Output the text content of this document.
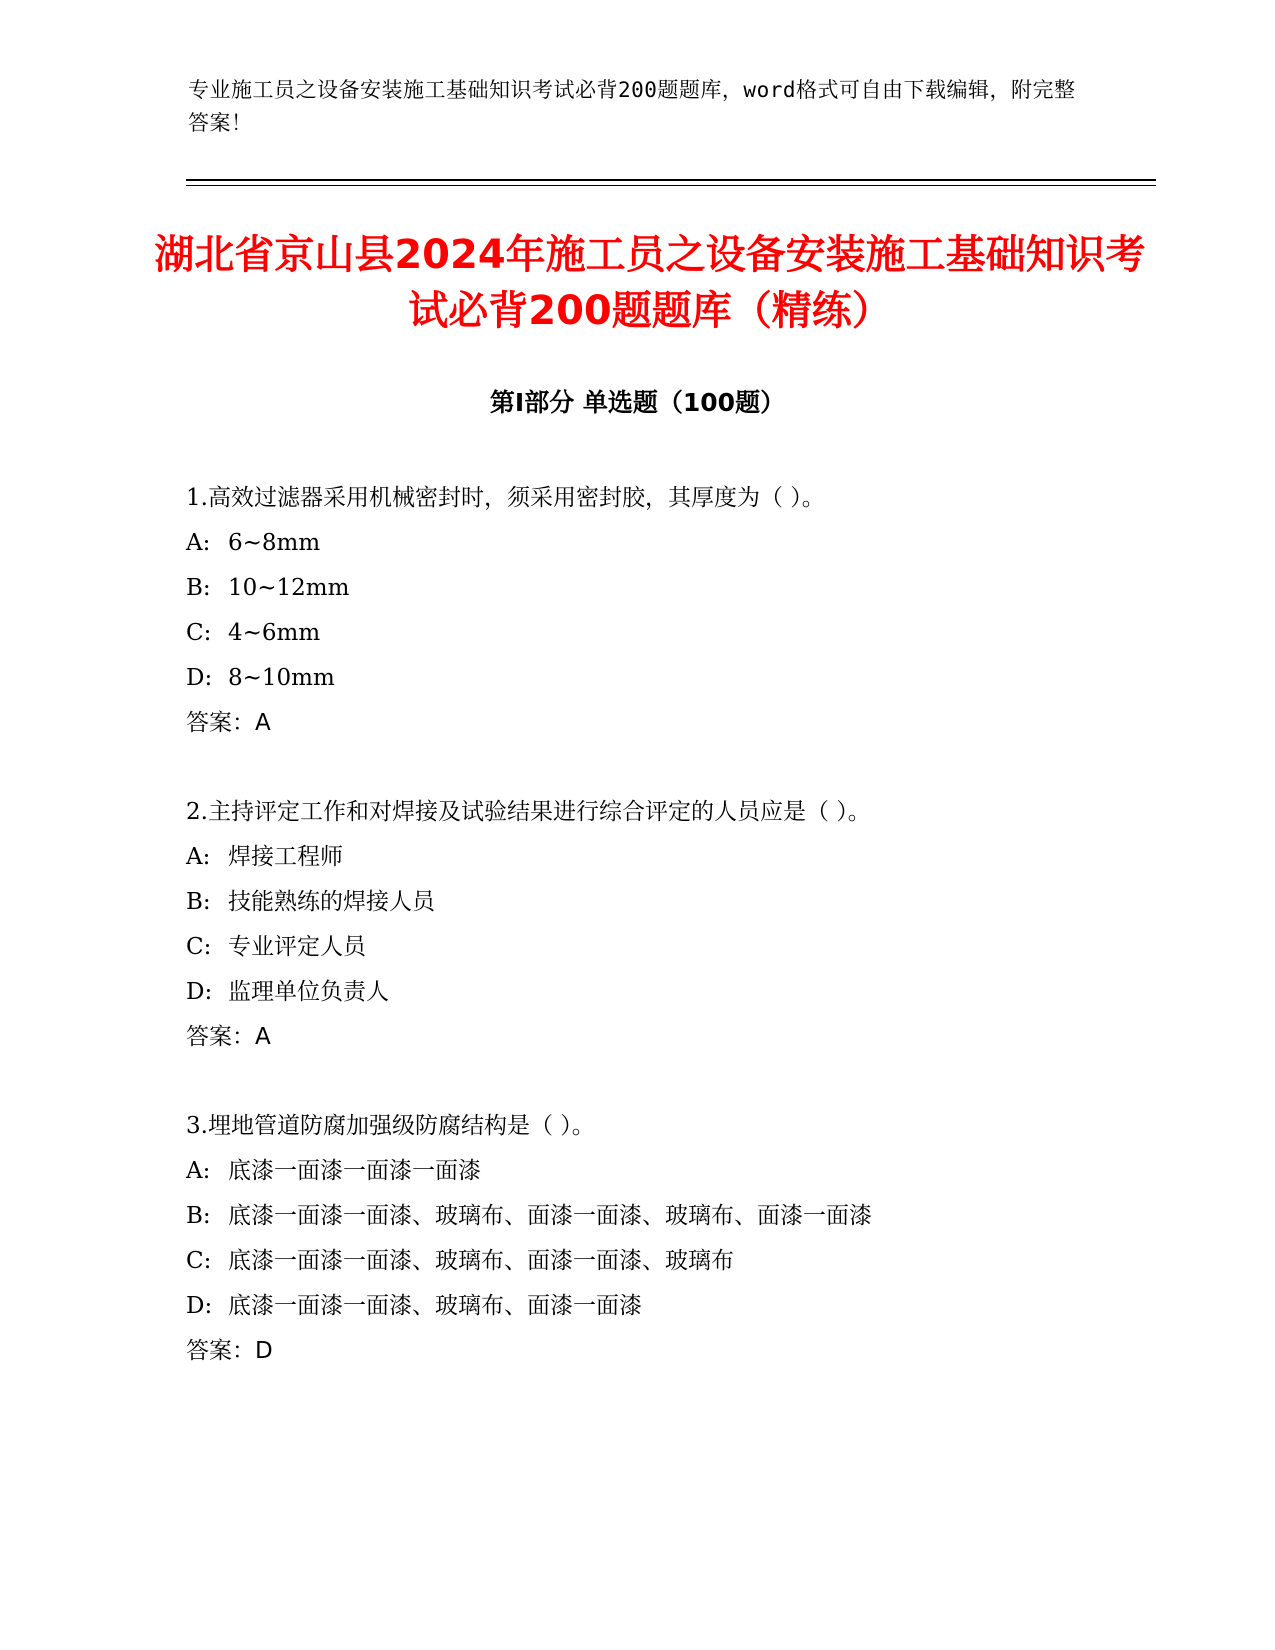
专业施工员之设备安装施工基础知识考试必背200题题库，word格式可自由下载编辑，附完整答案！
湖北省京山县2024年施工员之设备安装施工基础知识考试必背200题题库（精练）
第I部分 单选题（100题）
1.高效过滤器采用机械密封时，须采用密封胶，其厚度为（ ）。
A: 6~8mm
B: 10~12mm
C: 4~6mm
D: 8~10mm
答案：A
2.主持评定工作和对焊接及试验结果进行综合评定的人员应是（ ）。
A: 焊接工程师
B: 技能熟练的焊接人员
C: 专业评定人员
D: 监理单位负责人
答案：A
3.埋地管道防腐加强级防腐结构是（ ）。
A: 底漆一面漆一面漆一面漆
B: 底漆一面漆一面漆、玻璃布、面漆一面漆、玻璃布、面漆一面漆
C: 底漆一面漆一面漆、玻璃布、面漆一面漆、玻璃布
D: 底漆一面漆一面漆、玻璃布、面漆一面漆
答案：D
